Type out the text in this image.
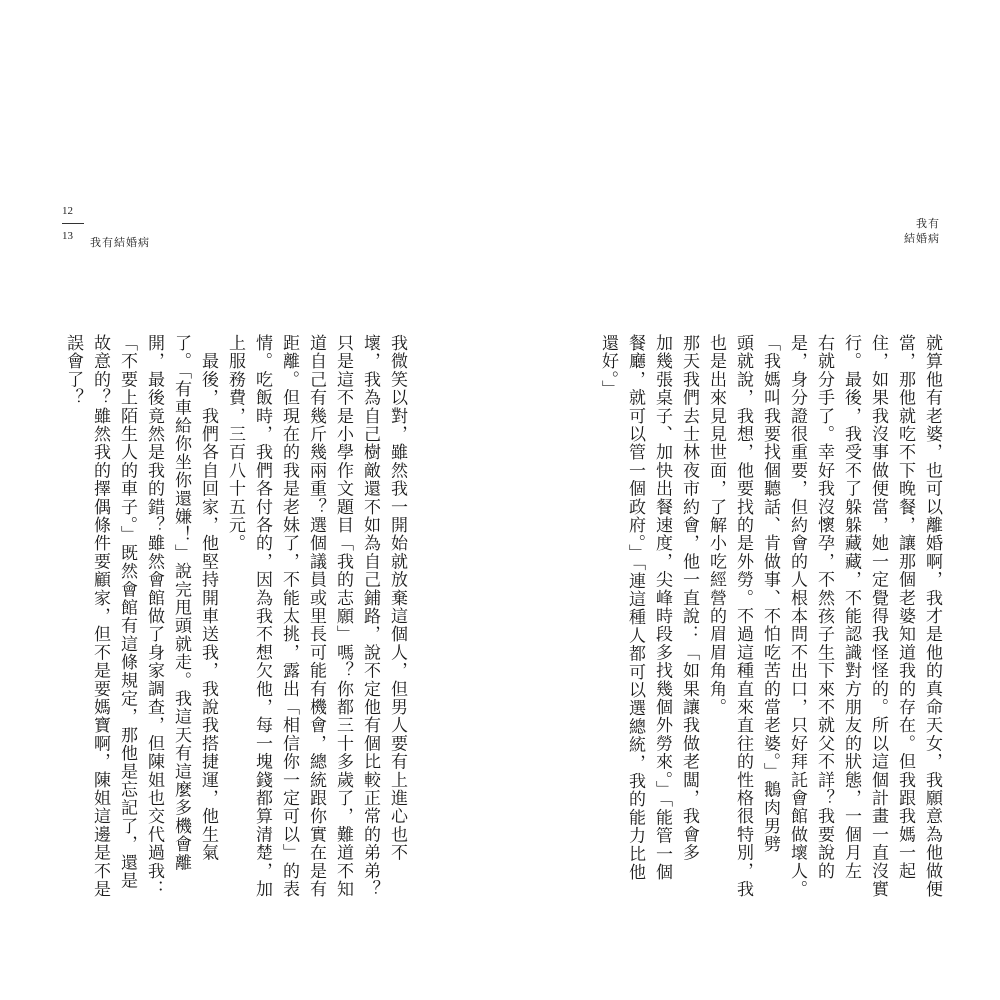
12
13	我有結婚病
我有
結婚病
我微笑以對，雖然我一開始就放棄這個人，但男人要有上進心也不
壞，我為自己樹敵還不如為自己鋪路，說不定他有個比較正常的弟弟？
只是這不是小學作文題目「我的志願」嗎？你都三十多歲了，難道不知
道自己有幾斤幾兩重？選個議員或里長可能有機會，總統跟你實在是有
距離。但現在的我是老妹了，不能太挑，露出「相信你一定可以」的表
情。吃飯時，我們各付各的，因為我不想欠他，每一塊錢都算清楚，加
上服務費，三百八十五元。
　最後，我們各自回家，他堅持開車送我，我說我搭捷運，他生氣
了。「有車給你坐你還嫌！」說完甩頭就走。我這天有這麼多機會離
開，最後竟然是我的錯？雖然會館做了身家調查，但陳姐也交代過我：
「不要上陌生人的車子。」既然會館有這條規定，那他是忘記了，還是
故意的？雖然我的擇偶條件要顧家，但不是要媽寶啊，陳姐這邊是不是
誤會了？	就算他有老婆，也可以離婚啊，我才是他的真命天女，我願意為他做便
當，那他就吃不下晚餐，讓那個老婆知道我的存在。但我跟我媽一起
住，如果我沒事做便當，她一定覺得我怪怪的。所以這個計畫一直沒實
行。最後，我受不了躲躲藏藏，不能認識對方朋友的狀態，一個月左
右就分手了。幸好我沒懷孕，不然孩子生下來不就父不詳？我要說的
是，身分證很重要，但約會的人根本問不出口，只好拜託會館做壞人。
「我媽叫我要找個聽話、肯做事、不怕吃苦的當老婆。」鵝肉男劈
頭就說，我想，他要找的是外勞。不過這種直來直往的性格很特別，我
也是出來見見世面，了解小吃經營的眉眉角角。
那天我們去士林夜市約會，他一直說：「如果讓我做老闆，我會多
加幾張桌子、加快出餐速度，尖峰時段多找幾個外勞來。」「能管一個
餐廳，就可以管一個政府。」「連這種人都可以選總統，我的能力比他
還好。」
